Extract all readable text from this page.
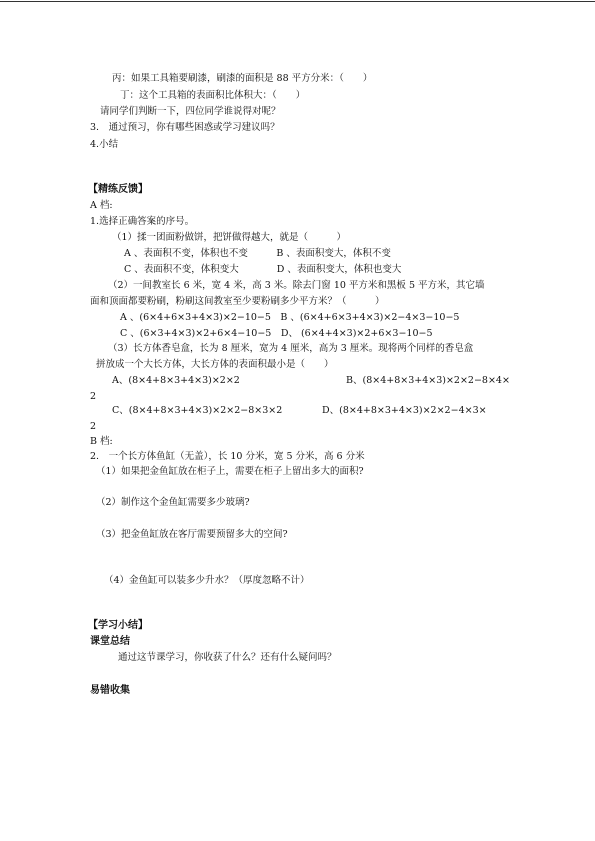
丙：如果工具箱要刷漆，刷漆的面积是 88 平方分米：（　　）
丁：这个工具箱的表面积比体积大：（　　）
请同学们判断一下，四位同学谁说得对呢？
3.　通过预习，你有哪些困惑或学习建议吗？
4.小结
【精练反馈】
A 档:
1.选择正确答案的序号。
（1）揉一团面粉做饼，把饼做得越大，就是（　　　）
A 、表面积不变，体积也不变　　　B 、表面积变大，体积不变
C 、表面积不变，体积变大　　　　D 、表面积变大，体积也变大
（2）一间教室长 6 米，宽 4 米，高 3 米。除去门窗 10 平方米和黑板 5 平方米，其它墙
面和顶面都要粉刷，粉刷这间教室至少要粉刷多少平方米？（　　　）
A 、(6×4+6×3+4×3)×2−10−5　B 、(6×4+6×3+4×3)×2−4×3−10−5
C 、(6×3+4×3)×2+6×4−10−5　D、 (6×4+4×3)×2+6×3−10−5
（3）长方体香皂盒，长为 8 厘米，宽为 4 厘米，高为 3 厘米。现将两个同样的香皂盒
拼放成一个大长方体，大长方体的表面积最小是（　　）
A、(8×4+8×3+4×3)×2×2	B、(8×4+8×3+4×3)×2×2−8×4×
2
C、(8×4+8×3+4×3)×2×2−8×3×2	D、(8×4+8×3+4×3)×2×2−4×3×
2
B 档:
2.　一个长方体鱼缸（无盖），长 10 分米，宽 5 分米，高 6 分米
（1）如果把金鱼缸放在柜子上，需要在柜子上留出多大的面积?
（2）制作这个金鱼缸需要多少玻璃?
（3）把金鱼缸放在客厅需要预留多大的空间?
（4）金鱼缸可以装多少升水？（厚度忽略不计）
【学习小结】
课堂总结
通过这节课学习，你收获了什么？还有什么疑问吗？
易错收集
